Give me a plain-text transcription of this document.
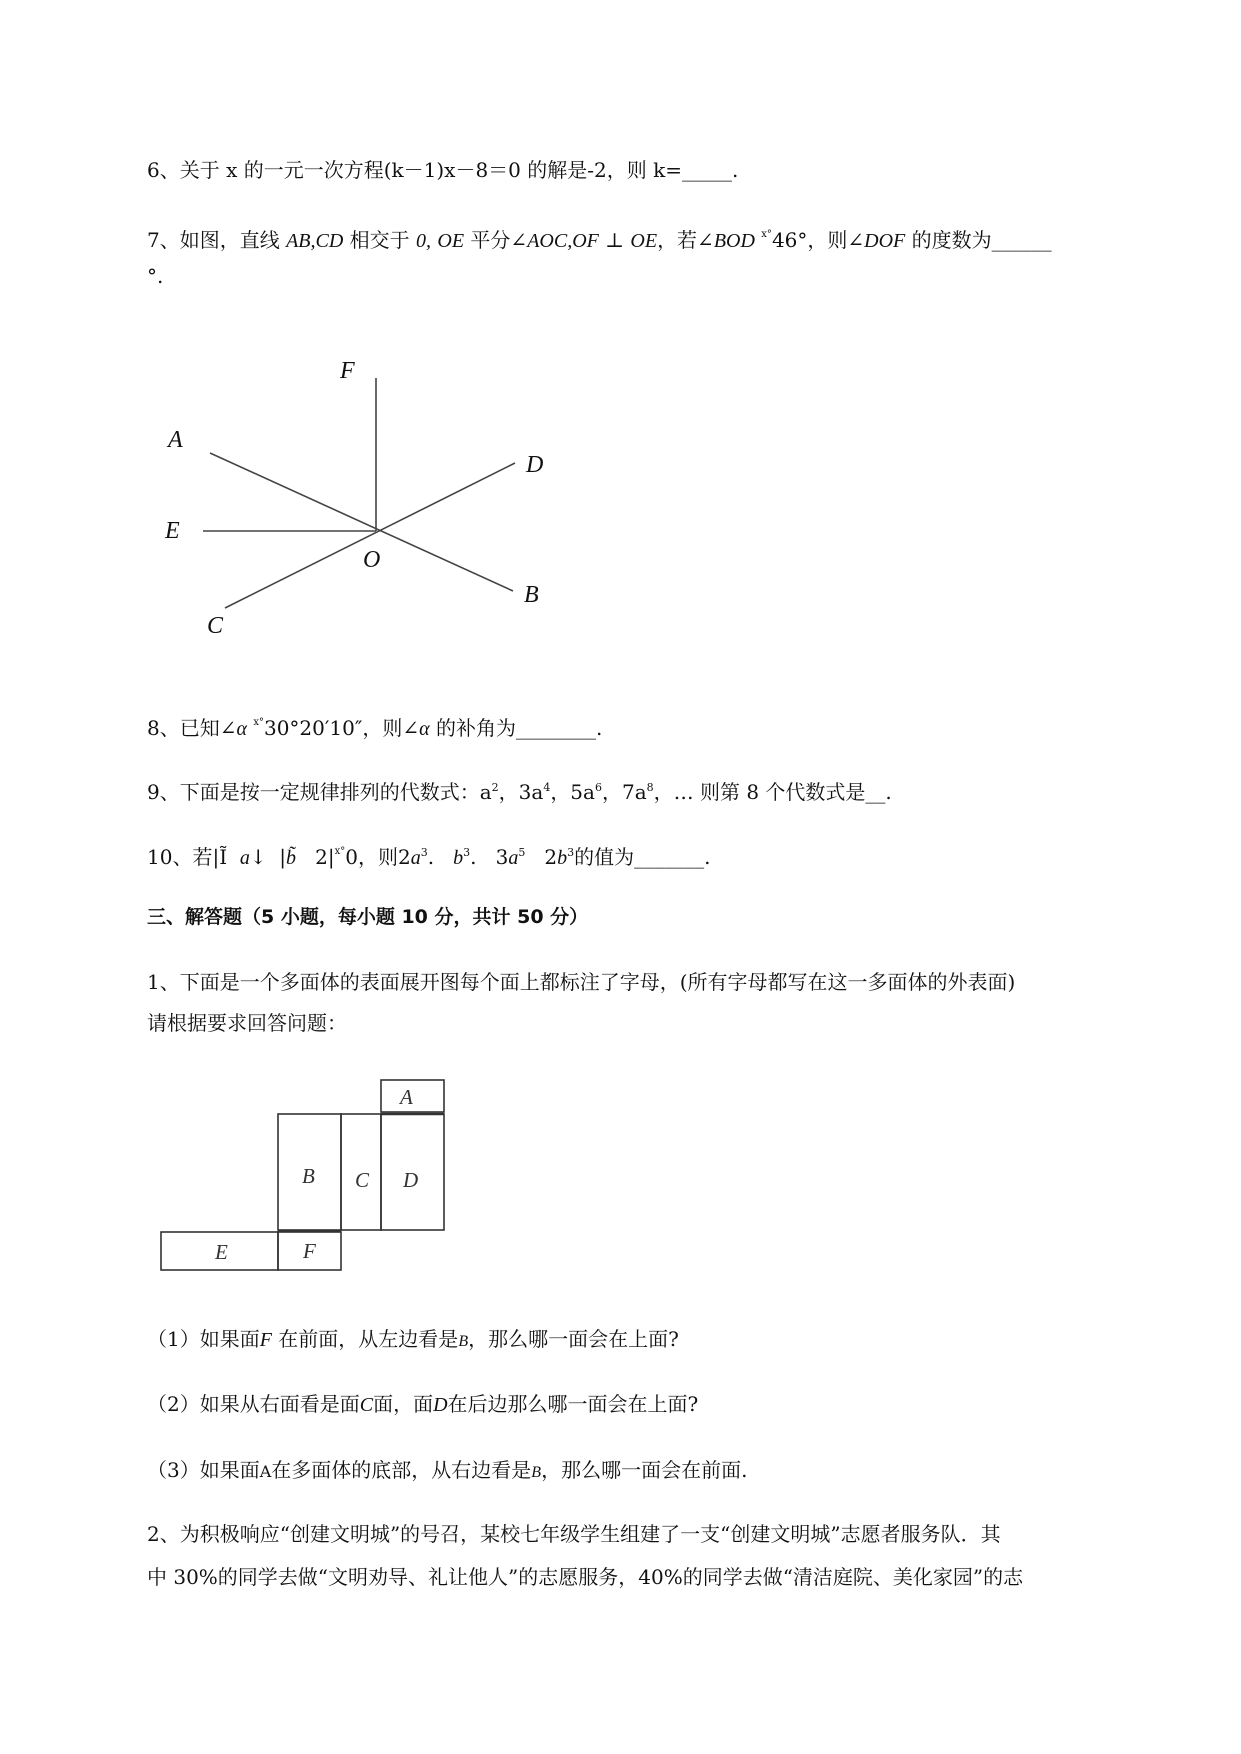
6、关于 x 的一元一次方程(k－1)x－8＝0 的解是-2，则 k=_____.
7、如图，直线 AB,CD 相交于 0, OE 平分∠AOC,OF ⊥ OE，若∠BOD $^{x^\circ}$46°，则∠DOF 的度数为______
°.
F
A
D
E
O
B
C
8、已知∠α $^{x^\circ}$30°20′10″，则∠α 的补角为________.
9、下面是按一定规律排列的代数式：$a^2$，$3a^4$，$5a^6$，$7a^8$，… 则第 8 个代数式是__.
10、若|Ĩ a↓ |b̃ $2|^{x^\circ}0$，则$2a^3$. $b^3$. $3a^5$ $2b^3$的值为_______.
三、解答题（5 小题，每小题 10 分，共计 50 分）
1、下面是一个多面体的表面展开图每个面上都标注了字母，(所有字母都写在这一多面体的外表面)
请根据要求回答问题：
A
B C D
E	F
（1）如果面F 在前面，从左边看是B，那么哪一面会在上面?
（2）如果从右面看是面C面，面D在后边那么哪一面会在上面?
（3）如果面A在多面体的底部，从右边看是B，那么哪一面会在前面.
2、为积极响应“创建文明城”的号召，某校七年级学生组建了一支“创建文明城”志愿者服务队．其
中 30%的同学去做“文明劝导、礼让他人”的志愿服务，40%的同学去做“清洁庭院、美化家园”的志
